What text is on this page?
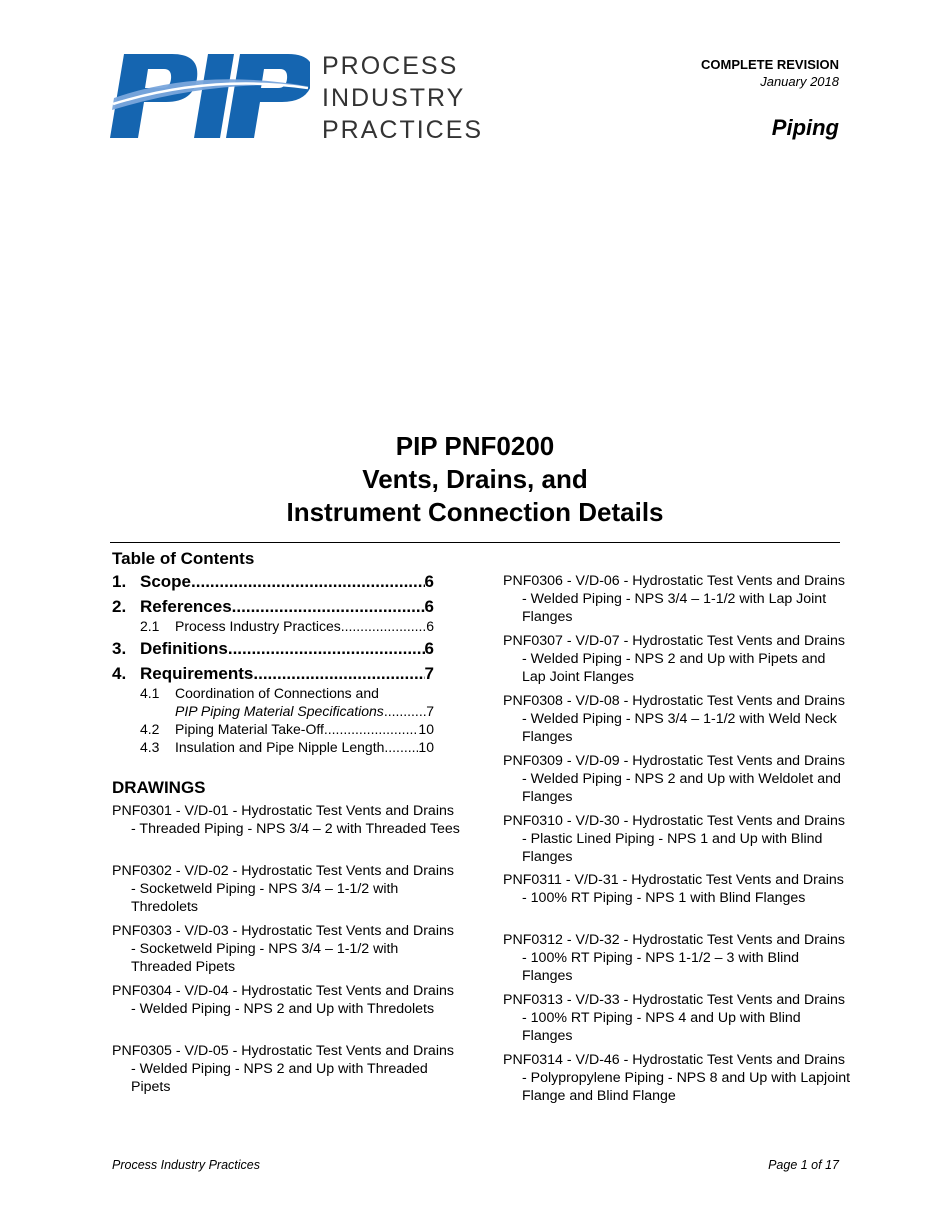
PROCESS
INDUSTRY
PRACTICES
COMPLETE REVISION
January 2018
Piping
PIP PNF0200
Vents, Drains, and
Instrument Connection Details
Table of Contents
1. Scope .....	6
2. References .....	6
2.1	Process Industry Practices .....	6
3. Definitions .....	6
4. Requirements .....	7
4.1	Coordination of Connections and
PIP Piping Material Specifications .....	7
4.2	Piping Material Take-Off .....	10
4.3	Insulation and Pipe Nipple Length ..... 10
DRAWINGS
PNF0301 - V/D-01 - Hydrostatic Test Vents and Drains - Threaded Piping - NPS 3/4 – 2 with Threaded Tees
PNF0302 - V/D-02 - Hydrostatic Test Vents and Drains - Socketweld Piping - NPS 3/4 – 1-1/2 with Thredolets
PNF0303 - V/D-03 - Hydrostatic Test Vents and Drains - Socketweld Piping - NPS 3/4 – 1-1/2 with Threaded Pipets
PNF0304 - V/D-04 - Hydrostatic Test Vents and Drains - Welded Piping - NPS 2 and Up with Thredolets
PNF0305 - V/D-05 - Hydrostatic Test Vents and Drains - Welded Piping - NPS 2 and Up with Threaded Pipets
PNF0306 - V/D-06 - Hydrostatic Test Vents and Drains - Welded Piping - NPS 3/4 – 1-1/2 with Lap Joint Flanges
PNF0307 - V/D-07 - Hydrostatic Test Vents and Drains - Welded Piping - NPS 2 and Up with Pipets and Lap Joint Flanges
PNF0308 - V/D-08 - Hydrostatic Test Vents and Drains - Welded Piping - NPS 3/4 – 1-1/2 with Weld Neck Flanges
PNF0309 - V/D-09 - Hydrostatic Test Vents and Drains - Welded Piping - NPS 2 and Up with Weldolet and Flanges
PNF0310 - V/D-30 - Hydrostatic Test Vents and Drains - Plastic Lined Piping - NPS 1 and Up with Blind Flanges
PNF0311 - V/D-31 - Hydrostatic Test Vents and Drains - 100% RT Piping - NPS 1 with Blind Flanges
PNF0312 - V/D-32 - Hydrostatic Test Vents and Drains - 100% RT Piping - NPS 1-1/2 – 3 with Blind Flanges
PNF0313 - V/D-33 - Hydrostatic Test Vents and Drains - 100% RT Piping - NPS 4 and Up with Blind Flanges
PNF0314 - V/D-46 - Hydrostatic Test Vents and Drains - Polypropylene Piping - NPS 8 and Up with Lapjoint Flange and Blind Flange
Process Industry Practices	Page 1 of 17
